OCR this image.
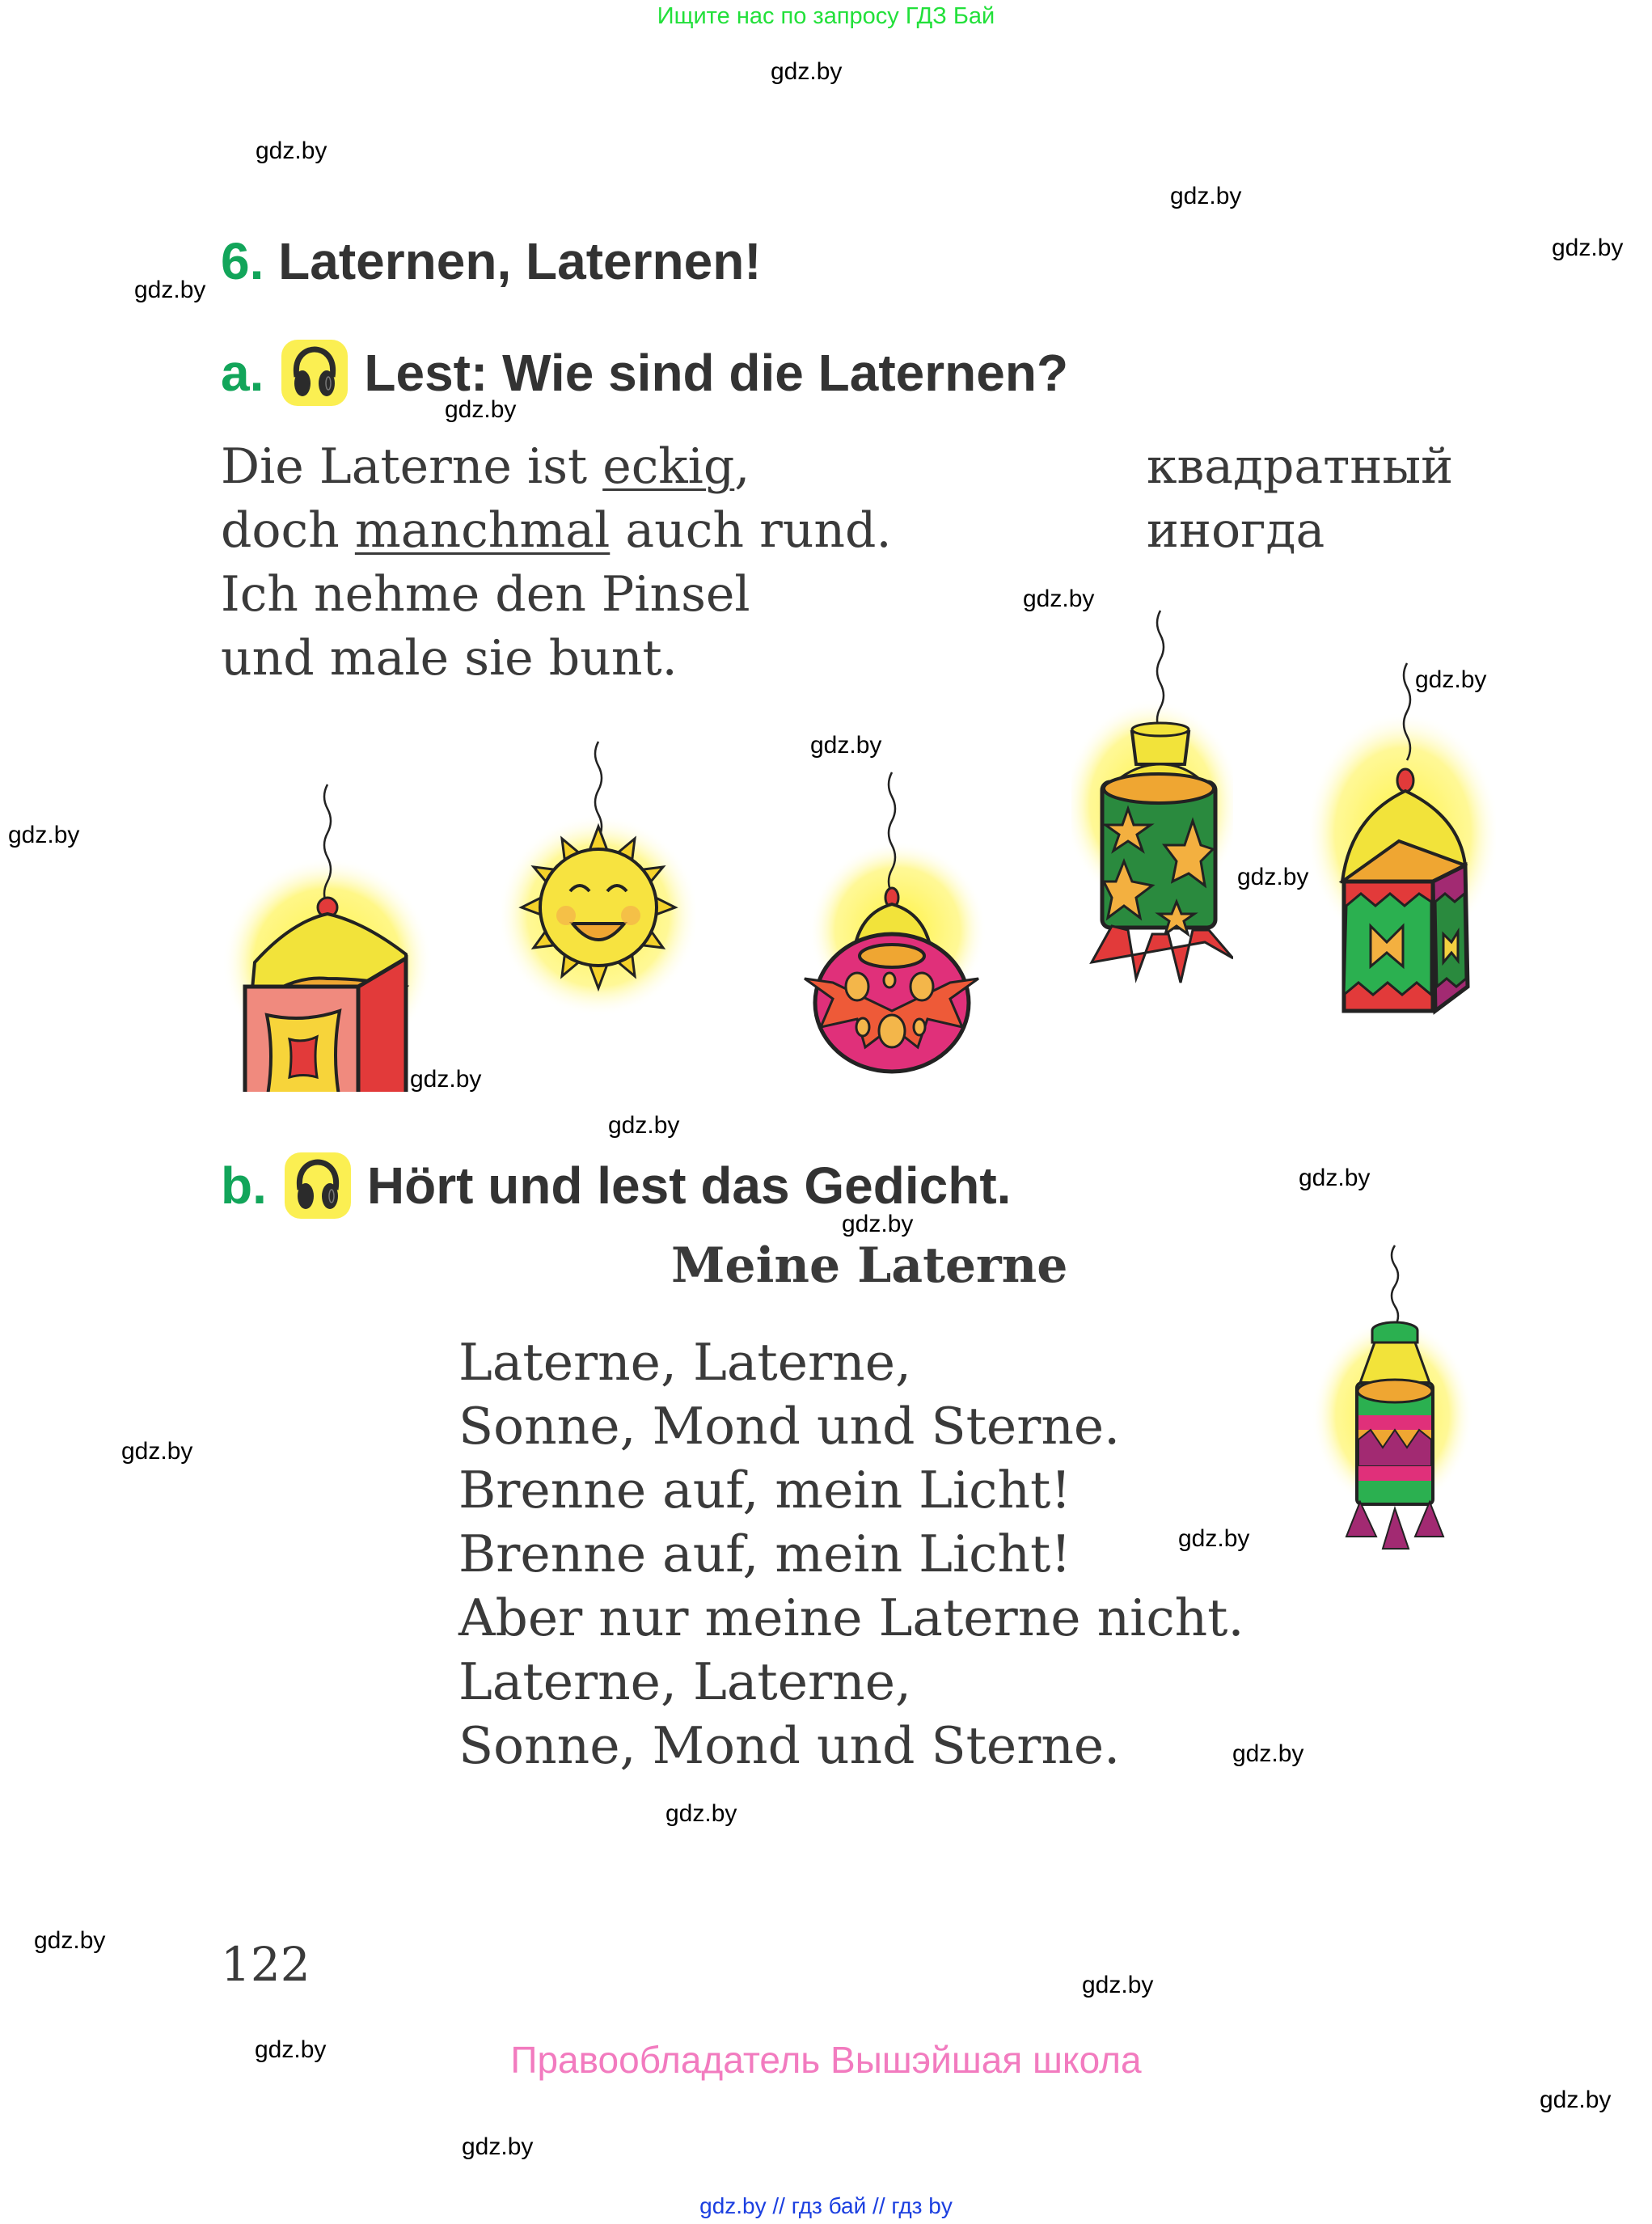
Ищите нас по запросу ГДЗ Бай
gdz.by
gdz.by
gdz.by
gdz.by
gdz.by
gdz.by
gdz.by
gdz.by
gdz.by
gdz.by
gdz.by
gdz.by
gdz.by
gdz.by
gdz.by
gdz.by
gdz.by
gdz.by
gdz.by
gdz.by
gdz.by
gdz.by
gdz.by
gdz.by
6. Laternen, Laternen!
a. Lest: Wie sind die Laternen?
Die Laterne ist eckig,
doch manchmal auch rund.
Ich nehme den Pinsel
und male sie bunt.
квадратный
иногда
b. Hört und lest das Gedicht.
Meine Laterne
Laterne, Laterne,
Sonne, Mond und Sterne.
Brenne auf, mein Licht!
Brenne auf, mein Licht!
Aber nur meine Laterne nicht.
Laterne, Laterne,
Sonne, Mond und Sterne.
122
Правообладатель Вышэйшая школа
gdz.by // гдз бай // гдз by
